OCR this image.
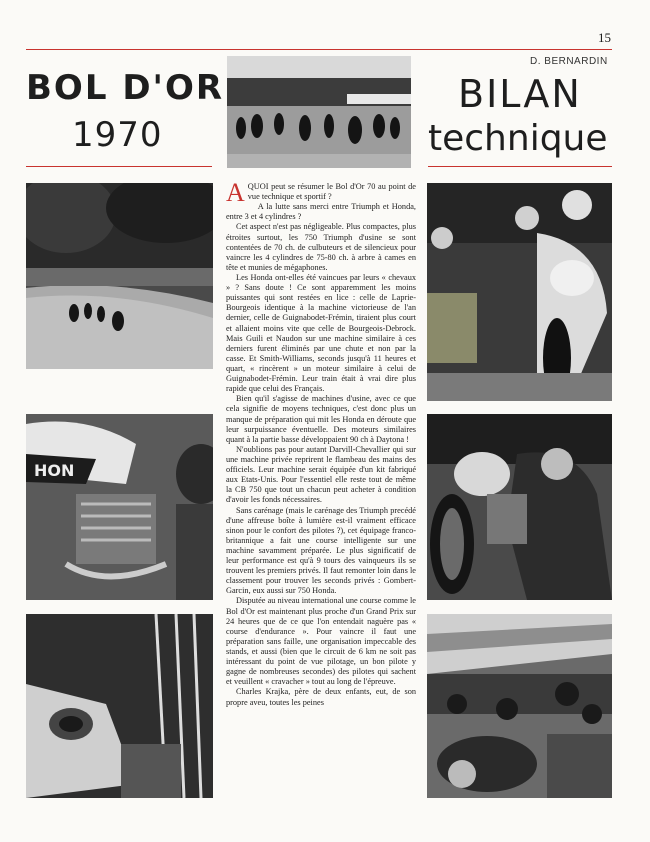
15
D. BERNARDIN
BOL D'OR
1970
BILAN
technique
HON

AQUOI peut se résumer le Bol d'Or 70 au point de vue technique et sportif ?

A la lutte sans merci entre Triumph et Honda, entre 3 et 4 cylindres ?

Cet aspect n'est pas négligeable. Plus compactes, plus étroites surtout, les 750 Triumph d'usine se sont contentées de 70 ch. de culbuteurs et de silencieux pour vaincre les 4 cylindres de 75-80 ch. à arbre à cames en tête et munies de mégaphones.

Les Honda ont-elles été vaincues par leurs « chevaux » ? Sans doute ! Ce sont apparemment les moins puissantes qui sont restées en lice : celle de Laprie-Bourgeois identique à la machine victorieuse de l'an dernier, celle de Guignabodet-Frémin, tiraient plus court et allaient moins vite que celle de Bourgeois-Debrock. Mais Guili et Naudon sur une machine similaire à ces derniers furent éliminés par une chute et non par la casse. Et Smith-Williams, seconds jusqu'à 11 heures et quart, « rincèrent » un moteur similaire à celui de Guignabodet-Frémin. Leur train était à vrai dire plus rapide que celui des Français.

Bien qu'il s'agisse de machines d'usine, avec ce que cela signifie de moyens techniques, c'est donc plus un manque de préparation qui mit les Honda en déroute que leur surpuissance éventuelle. Des moteurs similaires quant à la partie basse développaient 90 ch à Daytona !

N'oublions pas pour autant Darvill-Chevallier qui sur une machine privée reprirent le flambeau des mains des officiels. Leur machine serait équipée d'un kit fabriqué aux Etats-Unis. Pour l'essentiel elle reste tout de même la CB 750 que tout un chacun peut acheter à condition d'avoir les fonds nécessaires.

Sans carénage (mais le carénage des Triumph precédé d'une affreuse boîte à lumière est-il vraiment efficace sinon pour le confort des pilotes ?), cet équipage franco-britannique a fait une course intelligente sur une machine savamment préparée. Le plus significatif de leur performance est qu'à 9 tours des vainqueurs ils se trouvent les premiers privés. Il faut remonter loin dans le classement pour trouver les seconds privés : Gombert-Garcin, eux aussi sur 750 Honda.

Disputée au niveau international une course comme le Bol d'Or est maintenant plus proche d'un Grand Prix sur 24 heures que de ce que l'on entendait naguère pas « course d'endurance ». Pour vaincre il faut une préparation sans faille, une organisation impeccable des stands, et aussi (bien que le circuit de 6 km ne soit pas intéressant du point de vue pilotage, un bon pilote y gagne de nombreuses secondes) des pilotes qui sachent et veuillent « cravacher » tout au long de l'épreuve.

Charles Krajka, père de deux enfants, eut, de son propre aveu, toutes les peines
